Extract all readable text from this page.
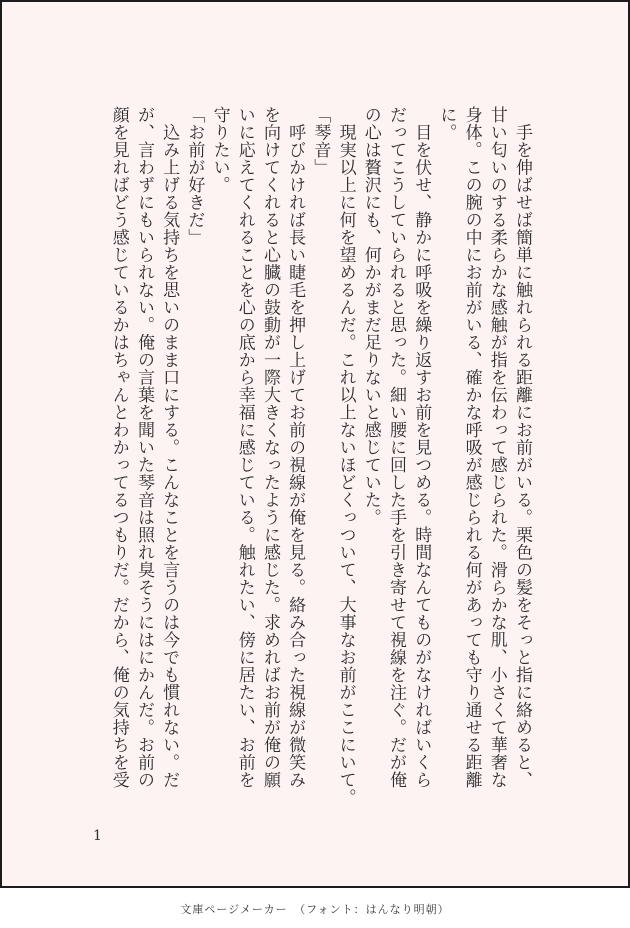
　手を伸ばせば簡単に触れられる距離にお前がいる。栗色の髪をそっと指に絡めると、
甘い匂いのする柔らかな感触が指を伝わって感じられた。滑らかな肌、小さくて華奢な
身体。この腕の中にお前がいる、確かな呼吸が感じられる何があっても守り通せる距離
に。
　目を伏せ、静かに呼吸を繰り返すお前を見つめる。時間なんてものがなければいくら
だってこうしていられると思った。細い腰に回した手を引き寄せて視線を注ぐ。だが俺
の心は贅沢にも、何かがまだ足りないと感じていた。
　現実以上に何を望めるんだ。これ以上ないほどくっついて、大事なお前がここにいて。
「琴音」
　呼びかければ長い睫毛を押し上げてお前の視線が俺を見る。絡み合った視線が微笑み
を向けてくれると心臓の鼓動が一際大きくなったように感じた。求めればお前が俺の願
いに応えてくれることを心の底から幸福に感じている。触れたい、傍に居たい、お前を
守りたい。
「お前が好きだ」
　込み上げる気持ちを思いのまま口にする。こんなことを言うのは今でも慣れない。だ
が、言わずにもいられない。俺の言葉を聞いた琴音は照れ臭そうにはにかんだ。お前の
顔を見ればどう感じているかはちゃんとわかってるつもりだ。だから、俺の気持ちを受
1
文庫ページメーカー　（フォント：はんなり明朝）
